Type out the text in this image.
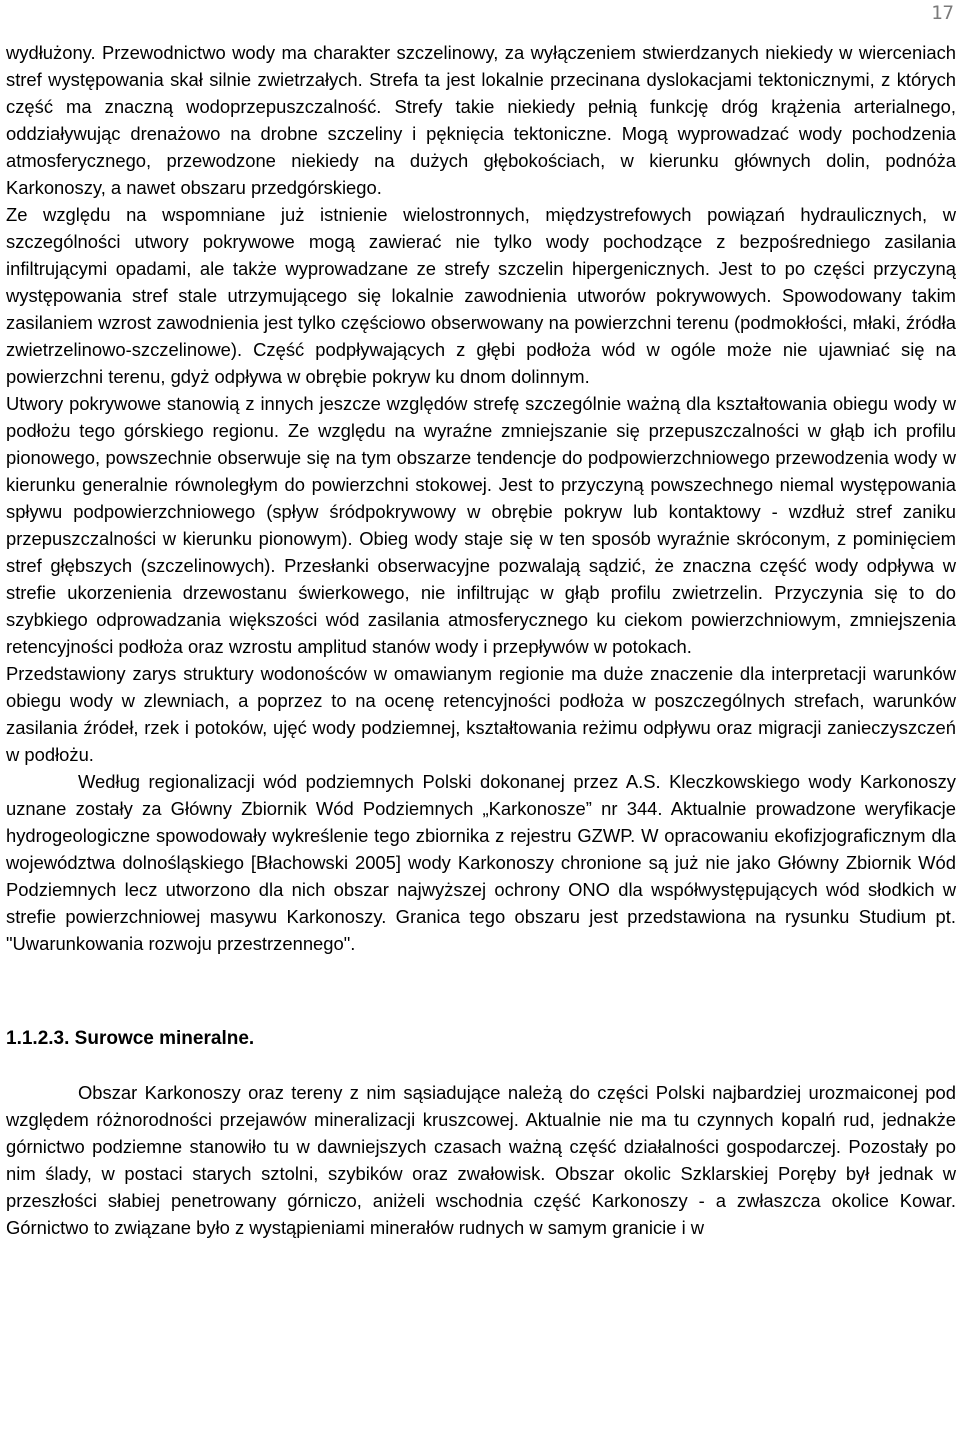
17

wydłużony. Przewodnictwo wody ma charakter szczelinowy, za wyłączeniem stwierdzanych niekiedy w wierceniach stref występowania skał silnie zwietrzałych. Strefa ta jest lokalnie przecinana dyslokacjami tektonicznymi, z których część ma znaczną wodoprzepuszczalność. Strefy takie niekiedy pełnią funkcję dróg krążenia arterialnego, oddziaływując drenażowo na drobne szczeliny i pęknięcia tektoniczne. Mogą wyprowadzać wody pochodzenia atmosferycznego, przewodzone niekiedy na dużych głębokościach, w kierunku głównych dolin, podnóża Karkonoszy, a nawet obszaru przedgórskiego.

Ze względu na wspomniane już istnienie wielostronnych, międzystrefowych powiązań hydraulicznych, w szczególności utwory pokrywowe mogą zawierać nie tylko wody pochodzące z bezpośredniego zasilania infiltrującymi opadami, ale także wyprowadzane ze strefy szczelin hipergenicznych. Jest to po części przyczyną występowania stref stale utrzymującego się lokalnie zawodnienia utworów pokrywowych. Spowodowany takim zasilaniem wzrost zawodnienia jest tylko częściowo obserwowany na powierzchni terenu (podmokłości, młaki, źródła zwietrzelinowo-szczelinowe). Część podpływających z głębi podłoża wód w ogóle może nie ujawniać się na powierzchni terenu, gdyż odpływa w obrębie pokryw ku dnom dolinnym.

Utwory pokrywowe stanowią z innych jeszcze względów strefę szczególnie ważną dla kształtowania obiegu wody w podłożu tego górskiego regionu. Ze względu na wyraźne zmniejszanie się przepuszczalności w głąb ich profilu pionowego, powszechnie obserwuje się na tym obszarze tendencje do podpowierzchniowego przewodzenia wody w kierunku generalnie równoległym do powierzchni stokowej. Jest to przyczyną powszechnego niemal występowania spływu podpowierzchniowego (spływ śródpokrywowy w obrębie pokryw lub kontaktowy - wzdłuż stref zaniku przepuszczalności w kierunku pionowym). Obieg wody staje się w ten sposób wyraźnie skróconym, z pominięciem stref głębszych (szczelinowych). Przesłanki obserwacyjne pozwalają sądzić, że znaczna część wody odpływa w strefie ukorzenienia drzewostanu świerkowego, nie infiltrując w głąb profilu zwietrzelin. Przyczynia się to do szybkiego odprowadzania większości wód zasilania atmosferycznego ku ciekom powierzchniowym, zmniejszenia retencyjności podłoża oraz wzrostu amplitud stanów wody i przepływów w potokach.

Przedstawiony zarys struktury wodonośców w omawianym regionie ma duże znaczenie dla interpretacji warunków obiegu wody w zlewniach, a poprzez to na ocenę retencyjności podłoża w poszczególnych strefach, warunków zasilania źródeł, rzek i potoków, ujęć wody podziemnej, kształtowania reżimu odpływu oraz migracji zanieczyszczeń w podłożu.

Według regionalizacji wód podziemnych Polski dokonanej przez A.S. Kleczkowskiego wody Karkonoszy uznane zostały za Główny Zbiornik Wód Podziemnych „Karkonosze” nr 344. Aktualnie prowadzone weryfikacje hydrogeologiczne spowodowały wykreślenie tego zbiornika z rejestru GZWP. W opracowaniu ekofizjograficznym dla województwa dolnośląskiego [Błachowski 2005] wody Karkonoszy chronione są już nie jako Główny Zbiornik Wód Podziemnych lecz utworzono dla nich obszar najwyższej ochrony ONO dla współwystępujących wód słodkich w strefie powierzchniowej masywu Karkonoszy. Granica tego obszaru jest przedstawiona na rysunku Studium pt. "Uwarunkowania rozwoju przestrzennego".

1.1.2.3. Surowce mineralne.

Obszar Karkonoszy oraz tereny z nim sąsiadujące należą do części Polski najbardziej urozmaiconej pod względem różnorodności przejawów mineralizacji kruszcowej. Aktualnie nie ma tu czynnych kopalń rud, jednakże górnictwo podziemne stanowiło tu w dawniejszych czasach ważną część działalności gospodarczej. Pozostały po nim ślady, w postaci starych sztolni, szybików oraz zwałowisk. Obszar okolic Szklarskiej Poręby był jednak w przeszłości słabiej penetrowany górniczo, aniżeli wschodnia część Karkonoszy - a zwłaszcza okolice Kowar. Górnictwo to związane było z wystąpieniami minerałów rudnych w samym granicie i w
